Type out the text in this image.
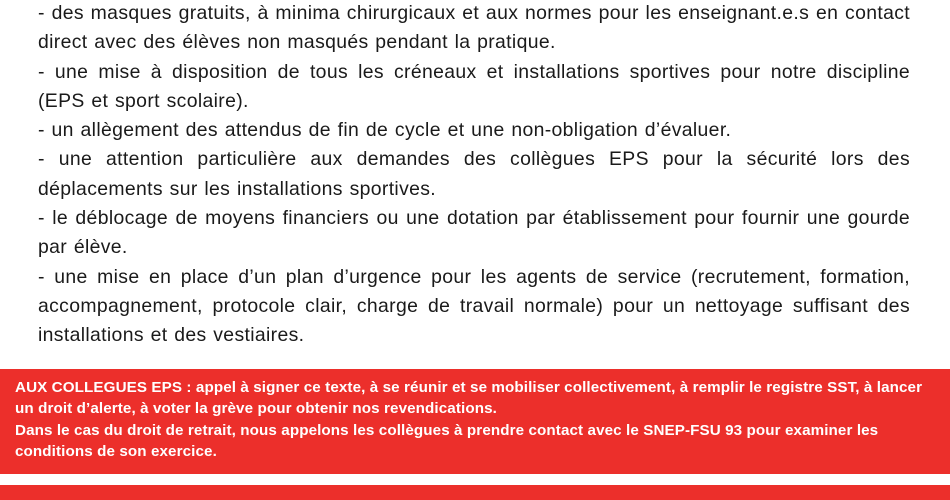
- des masques gratuits, à minima chirurgicaux et aux normes pour les enseignant.e.s en contact direct avec des élèves non masqués pendant la pratique.

- une mise à disposition de tous les créneaux et installations sportives pour notre discipline (EPS et sport scolaire).

- un allègement des attendus de fin de cycle et une non-obligation d’évaluer.

- une attention particulière aux demandes des collègues EPS pour la sécurité lors des déplacements sur les installations sportives.

- le déblocage de moyens financiers ou une dotation par établissement pour fournir une gourde par élève.

- une mise en place d’un plan d’urgence pour les agents de service (recrutement, formation, accompagnement, protocole clair, charge de travail normale) pour un nettoyage suffisant des installations et des vestiaires.

AUX COLLEGUES EPS : appel à signer ce texte, à se réunir et se mobiliser collectivement, à remplir le registre SST, à lancer un droit d’alerte, à voter la grève pour obtenir nos revendications.

Dans le cas du droit de retrait, nous appelons les collègues à prendre contact avec le SNEP-FSU 93 pour examiner les conditions de son exercice.
